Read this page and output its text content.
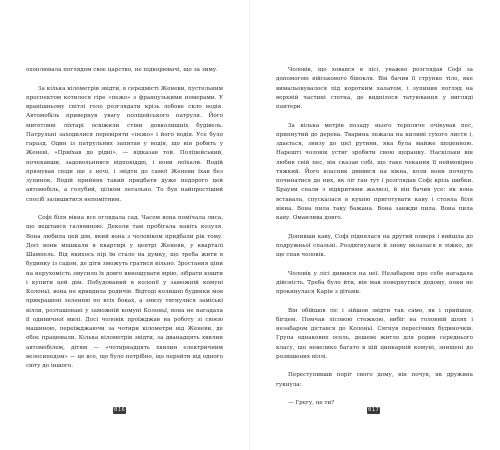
охоплювала поглядом своє царство, не підкорювачі, що за зиму.

За кілька кілометрів звідти, в середмісті Женеви, пустельним проспектом котилося сіре «пежо» з французькими номерами. У вранішньому світлі голо розглядати крізь лобове скло водія. Автомобіль привернув увагу поліцейського патруля. Його миготливі ліхтарі освіжили стіни довколишніх будівель. Патрульні заходилися перевіряти «пежо» і його водія. Усе було гаразд. Один із патрульних запитав у водія, що він робить у Женеві. «Приїхав до рідні», — відказав той. Поліцейський, почекавши, задовольнився відповіддю, і вони поїхали. Водій прямував сюди ще з ночі, і звідти до самої Женеви їхав без зупинок. Водій прийняв такий придбати дуже недорого цей автомобіль, а голубий, цілком легально. То був найпростіший спосіб залишитися непомітним.

Софі біля вікна все оглядала сад. Часом вона помічала лиса, що вештався галявиною. Деколи там пробігала навіть козуля. Вона любила цей дім, який вона з чоловіком придбали рік тому. Досі вони мешкали в квартирі у центрі Женеви, у кварталі Шампель. Від якихось пір їм стало на думку, що треба жити в будинку із садом, де діти зможуть гратися вільно. Зростання ціни на нерухомість змусило їх довго виношувати мрію, зібрати кошти і купити цей дім. Побудований в колонії у заможній комуні Колоньї, вона не кривдила родичів. Відтоді колишні будинки мов прикрашені зеленню по всіх боках, а знизу тягнулися заміські вілли, розташовані у заможній комуні Колоньї, вона не нагадала її одиничної милі. Досі чоловік проїжджав на роботу зі своєю машиною, переїжджаючи за чотири кілометри від Женеви, де обоє працювали. Кілька кілометрів звідти, за дванадцять хвилин автомобілем, дітям — «чотирнадцять хвилин електричним велосипедом» — це все, що було потрібно, що перейти від одного світу до іншого.

016

Чоловік, що ховався в лісі, уважно розглядав Софі за допомогою військового бінокля. Він бачив її струнке тіло, яке вимальовувалося під коротким халатом, і зупинив погляд на верхній частині стегна, де виднілося татуювання у вигляді пантери.

За кілька метрів позаду нього терпляче очікував пес, припнутий до дерева. Тварина лежала на килимі сухого листя і, здається, знизу до цієї рутини, яка була майже щоденною. Нарешті чоловік устиг зробити свою щоранку. Наскільки він любив свій пес, він сказав собі, що таке чекання її неймовірно тяжкий. Його власник дивився на вікна, коли вони почнуть починатися до них, як ліг ган тут і розглядав Софі крізь шибки. Брауни спали з відкритими жалюзі, й він бачив усе: як вона вставала, спускалася в кухню приготувати каву і стояла біля вікна. Вона пила таку бажана. Вона завжди пила. Вона пила каву. Оманлива довго.

Допивши каву, Софі піднялася на другий поверх і вийшла до подружньої спальні. Роздягнулася й знову вклалася в ліжко, де ще спав чоловік.

Чоловік у лісі дивився на неї. Незабаром про себе нагадала дійсність. Треба було йти, він мав повернутися додому, поки не прокинулася Карін з дітьми.

Він обійшов ліс і зійшов звідти так само, як і прийшов, бігцем. Помчав лісовою стежкою, вибіг на головній шлях і незабаром дістався до Колоньї. Сягнув пересічних будиночків. Група однакових осель, дешеве житло для родин середнього класу, що невелико багато в цій цинкарній комуні, знищені до розвішених віллі.

Переступивши поріг свого дому, він почув, як дружина гукнула:

— Грегу, це ти?

017
